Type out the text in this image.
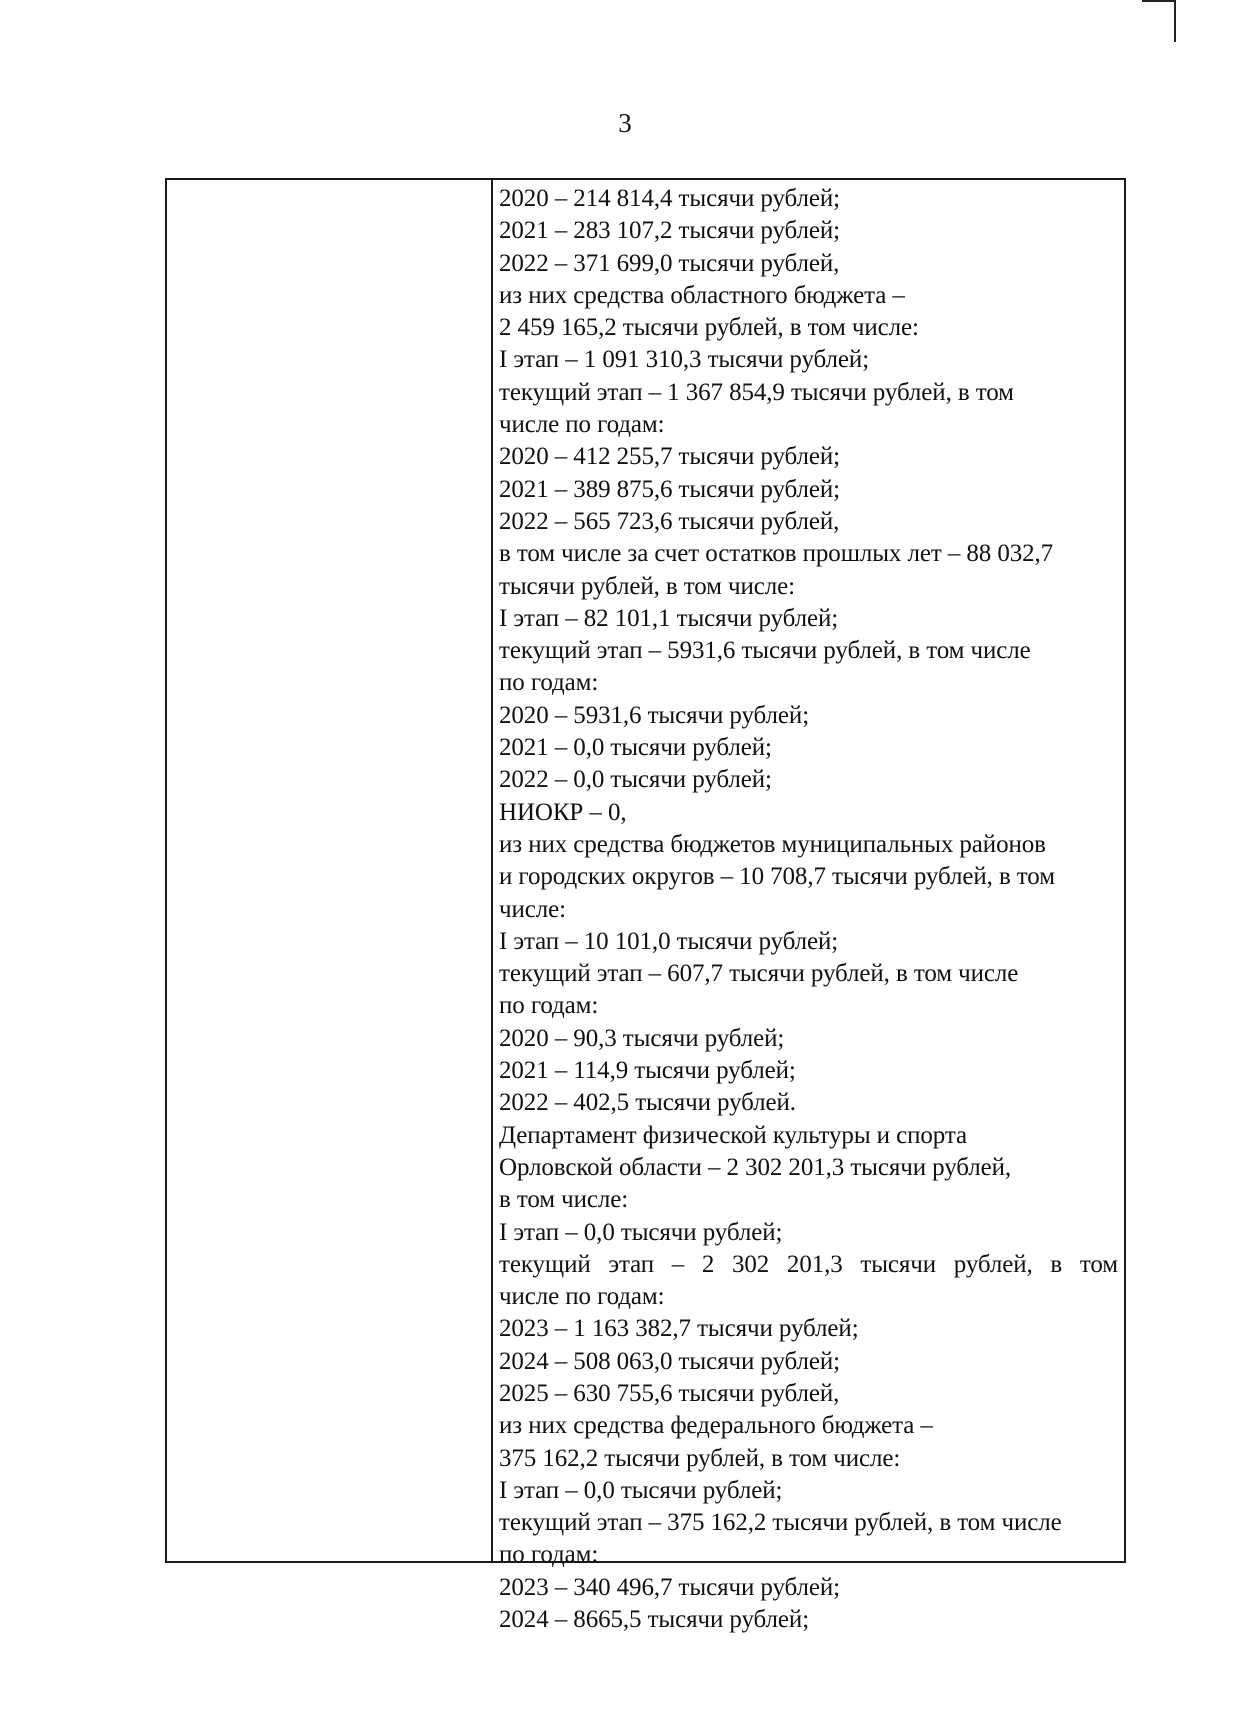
3
2020 – 214 814,4 тысячи рублей;
2021 – 283 107,2 тысячи рублей;
2022 – 371 699,0 тысячи рублей,
из них средства областного бюджета –
2 459 165,2 тысячи рублей, в том числе:
I этап – 1 091 310,3 тысячи рублей;
текущий этап – 1 367 854,9 тысячи рублей, в том
числе по годам:
2020 – 412 255,7 тысячи рублей;
2021 – 389 875,6 тысячи рублей;
2022 – 565 723,6 тысячи рублей,
в том числе за счет остатков прошлых лет – 88 032,7
тысячи рублей, в том числе:
I этап – 82 101,1 тысячи рублей;
текущий этап – 5931,6 тысячи рублей, в том числе
по годам:
2020 – 5931,6 тысячи рублей;
2021 – 0,0 тысячи рублей;
2022 – 0,0 тысячи рублей;
НИОКР – 0,
из них средства бюджетов муниципальных районов
и городских округов – 10 708,7 тысячи рублей, в том
числе:
I этап – 10 101,0 тысячи рублей;
текущий этап – 607,7 тысячи рублей, в том числе
по годам:
2020 – 90,3 тысячи рублей;
2021 – 114,9 тысячи рублей;
2022 – 402,5 тысячи рублей.
Департамент физической культуры и спорта
Орловской области – 2 302 201,3 тысячи рублей,
в том числе:
I этап – 0,0 тысячи рублей;
текущий этап – 2 302 201,3 тысячи рублей, в том
числе по годам:
2023 – 1 163 382,7 тысячи рублей;
2024 – 508 063,0 тысячи рублей;
2025 – 630 755,6 тысячи рублей,
из них средства федерального бюджета –
375 162,2 тысячи рублей, в том числе:
I этап – 0,0 тысячи рублей;
текущий этап – 375 162,2 тысячи рублей, в том числе
по годам:
2023 – 340 496,7 тысячи рублей;
2024 – 8665,5 тысячи рублей;
